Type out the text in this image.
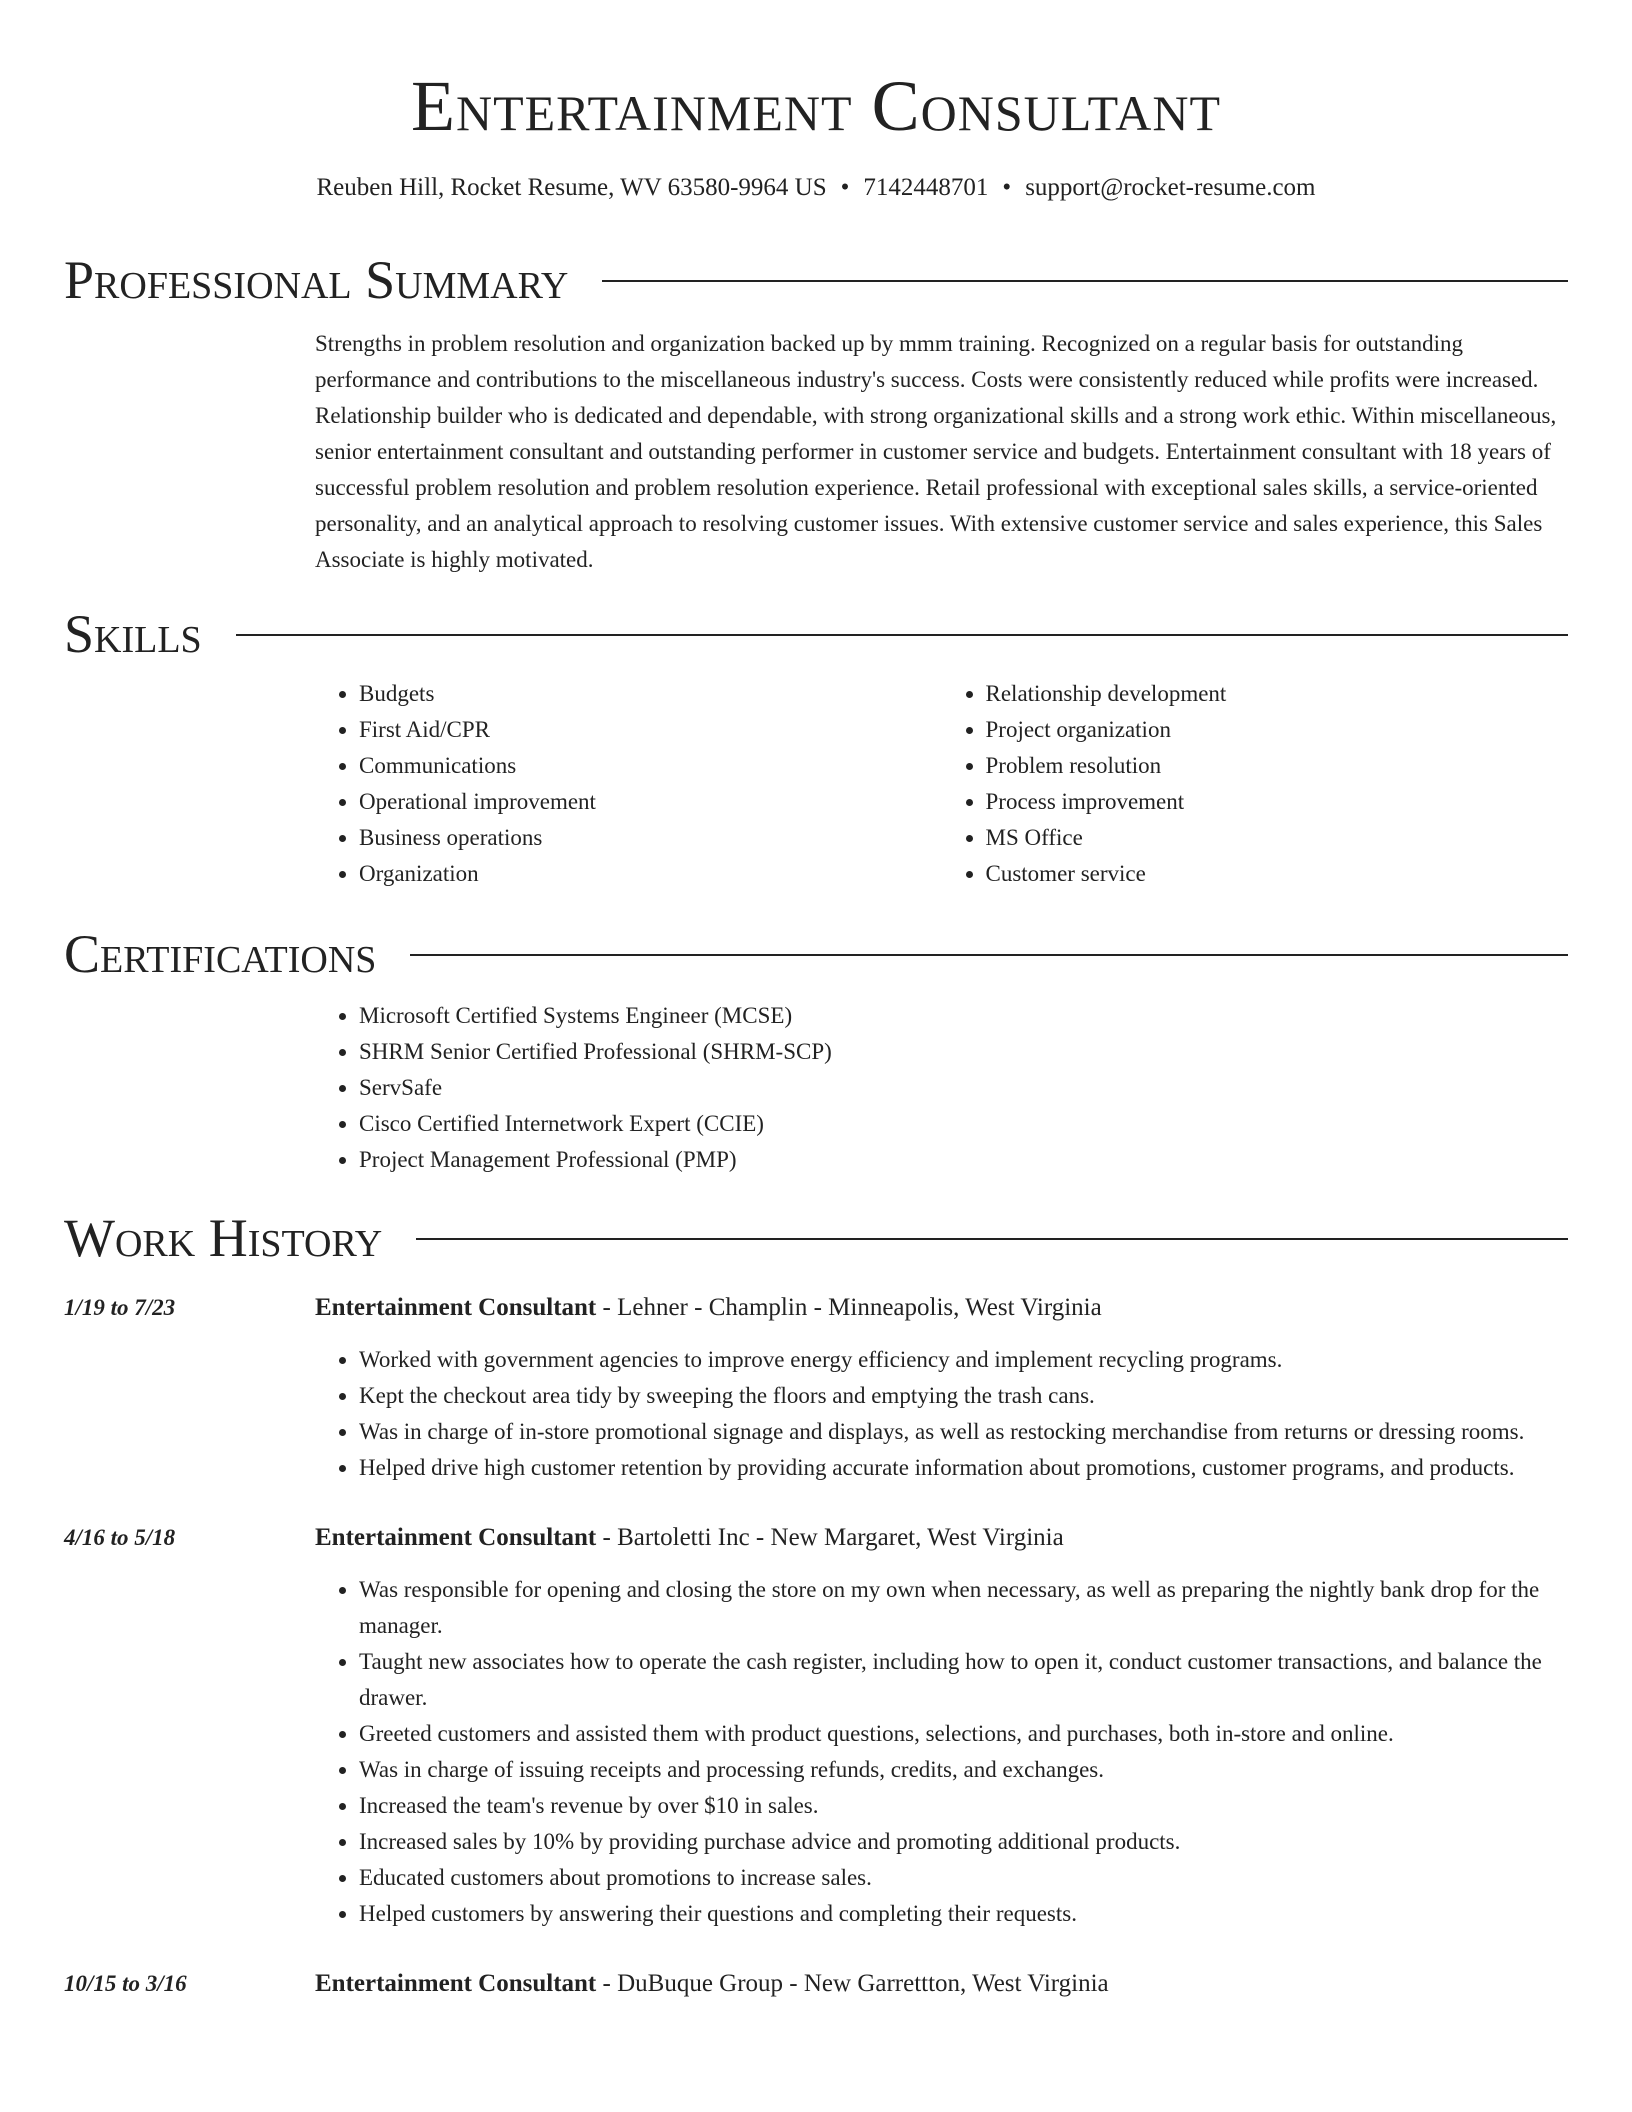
Entertainment Consultant
Reuben Hill, Rocket Resume, WV 63580-9964 US • 7142448701 • support@rocket-resume.com
Professional Summary

Strengths in problem resolution and organization backed up by mmm training. Recognized on a regular basis for outstanding performance and contributions to the miscellaneous industry's success. Costs were consistently reduced while profits were increased. Relationship builder who is dedicated and dependable, with strong organizational skills and a strong work ethic. Within miscellaneous, senior entertainment consultant and outstanding performer in customer service and budgets. Entertainment consultant with 18 years of successful problem resolution and problem resolution experience. Retail professional with exceptional sales skills, a service-oriented personality, and an analytical approach to resolving customer issues. With extensive customer service and sales experience, this Sales Associate is highly motivated.

Skills
• Budgets
• First Aid/CPR
• Communications
• Operational improvement
• Business operations
• Organization
• Relationship development
• Project organization
• Problem resolution
• Process improvement
• MS Office
• Customer service
Certifications
• Microsoft Certified Systems Engineer (MCSE)
• SHRM Senior Certified Professional (SHRM-SCP)
• ServSafe
• Cisco Certified Internetwork Expert (CCIE)
• Project Management Professional (PMP)
Work History
1/19 to 7/23	Entertainment Consultant - Lehner - Champlin - Minneapolis, West Virginia
• Worked with government agencies to improve energy efficiency and implement recycling programs.
• Kept the checkout area tidy by sweeping the floors and emptying the trash cans.
• Was in charge of in-store promotional signage and displays, as well as restocking merchandise from returns or dressing rooms.
• Helped drive high customer retention by providing accurate information about promotions, customer programs, and products.
4/16 to 5/18	Entertainment Consultant - Bartoletti Inc - New Margaret, West Virginia
• Was responsible for opening and closing the store on my own when necessary, as well as preparing the nightly bank drop for the manager.
• Taught new associates how to operate the cash register, including how to open it, conduct customer transactions, and balance the drawer.
• Greeted customers and assisted them with product questions, selections, and purchases, both in-store and online.
• Was in charge of issuing receipts and processing refunds, credits, and exchanges.
• Increased the team's revenue by over $10 in sales.
• Increased sales by 10% by providing purchase advice and promoting additional products.
• Educated customers about promotions to increase sales.
• Helped customers by answering their questions and completing their requests.
10/15 to 3/16	Entertainment Consultant - DuBuque Group - New Garrettton, West Virginia
